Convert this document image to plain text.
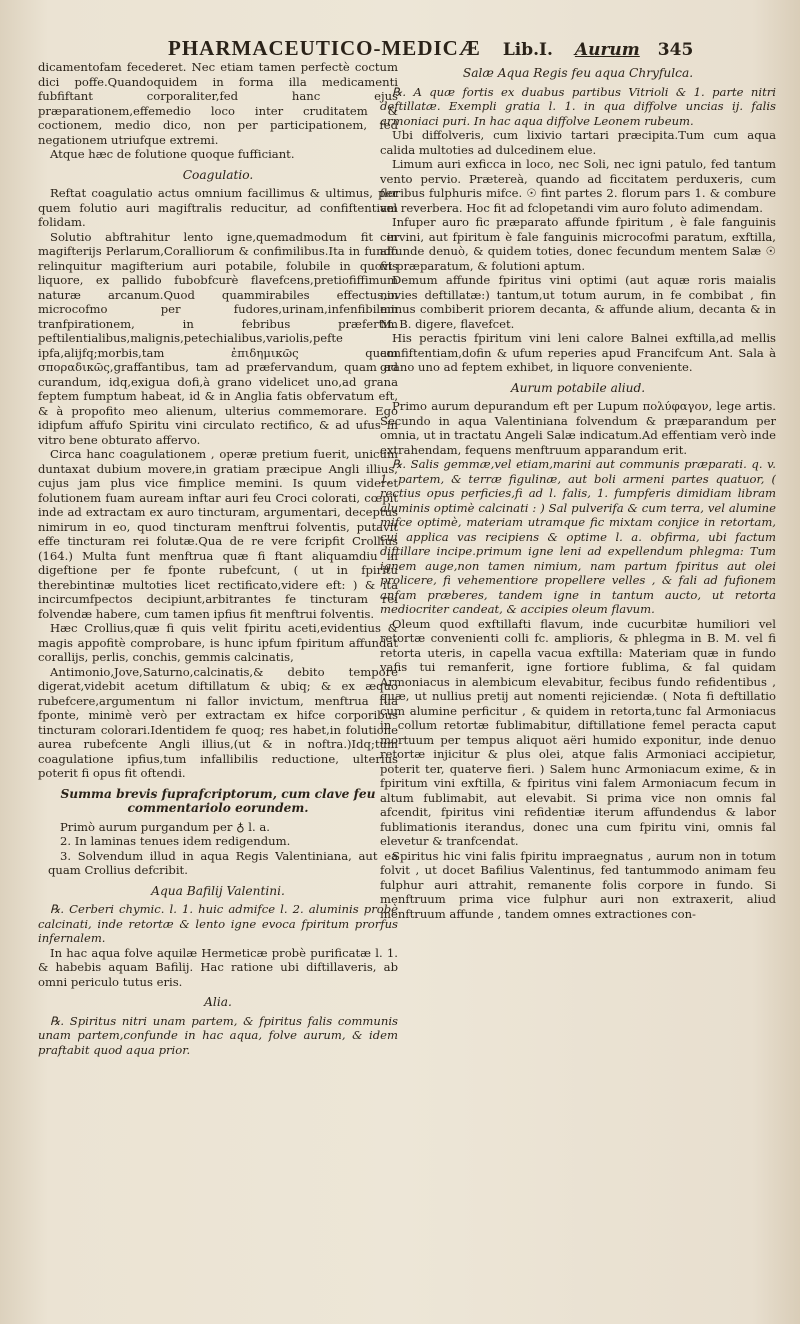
PHARMACEUTICO-MEDICÆ Lib.I. Aurum 345

dicamentofam fecederet. Nec etiam tamen perfectè coctum dici poffe.Quandoquidem in forma illa medicamenti fubfiftant corporaliter,fed hanc ejus præparationem,effemedio loco inter cruditatem & coctionem, medio dico, non per participationem, fed negationem utriufque extremi.

Atque hæc de folutione quoque fufficiant.

Coagulatio.

Reftat coagulatio actus omnium facillimus & ultimus, per quem folutio auri magiftralis reducitur, ad confiftentiam folidam.

Solutio abftrahitur lento igne,quemadmodum fit in magifterijs Perlarum,Coralliorum & confimilibus.Ita in fundo relinquitur magifterium auri potabile, folubile in quovis liquore, ex pallido fubobfcurè flavefcens,pretiofiffimum naturæ arcanum.Quod quammirabiles effectus,in microcofmo per fudores,urinam,infenfibilem tranfpirationem, in febribus præfertim peftilentialibus,malignis,petechialibus,variolis,pefte ipfa,alijfq;morbis,tam ἐπιδημικῶς quam σποραδικῶς,graffantibus, tam ad præfervandum, quam ad curandum, idq,exigua dofi,à grano videlicet uno,ad grana feptem fumptum habeat, id & in Anglia fatis obfervatum eft, & à propofito meo alienum, ulterius commemorare. Ego idipfum affufo Spiritu vini circulato rectifico, & ad ufus in vitro bene obturato affervo.

Circa hanc coagulationem , operæ pretium fuerit, unicum duntaxat dubium movere,in gratiam præcipue Angli illius, cujus jam plus vice fimplice memini. Is quum videret folutionem fuam auream inftar auri feu Croci colorati, cœpit inde ad extractam ex auro tincturam, argumentari, deceptus nimirum in eo, quod tincturam menftrui folventis, putavit effe tincturam rei folutæ.Qua de re vere fcripfit Crollius (164.) Multa funt menftrua quæ fi ftant aliquamdiu in digeftione per fe fponte rubefcunt, ( ut in fpiritu therebintinæ multoties licet rectificato,videre eft: ) & ita incircumfpectos decipiunt,arbitrantes fe tincturam rei folvendæ habere, cum tamen ipfius fit menftrui folventis.

Hæc Crollius,quæ fi quis velit fpiritu aceti,evidentius & magis appofitè comprobare, is hunc ipfum fpiritum affundat corallijs, perlis, conchis, gemmis calcinatis,

Antimonio,Jove,Saturno,calcinatis,& debito tempore digerat,videbit acetum diftillatum & ubiq; & ex æquo rubefcere,argumentum ni fallor invictum, menftrua fua fponte, minimè verò per extractam ex hifce corporibus tincturam colorari.Identidem fe quoq; res habet,in folutione aurea rubefcente Angli illius,(ut & in noftra.)Idq;tum coagulatione ipfius,tum infallibilis reductione, ulterius poterit fi opus fit oftendi.

Summa brevis fuprafcriptorum, cum clave feu commentariolo eorundem.

Primò aurum purgandum per ♁ l. a.

2. In laminas tenues idem redigendum.

3. Solvendum illud in aqua Regis Valentiniana, aut ea quam Crollius defcribit.

Aqua Bafilij Valentini.

℞. Cerberi chymic. l. 1. huic admifce l. 2. aluminis probè calcinati, inde retortæ & lento igne evoca fpiritum prorfus infernalem.

In hac aqua folve aquilæ Hermeticæ probè purificatæ l. 1. & habebis aquam Bafilij. Hac ratione ubi diftillaveris, ab omni periculo tutus eris.

Alia.

℞. Spiritus nitri unam partem, & fpiritus falis communis unam partem,confunde in hac aqua, folve aurum, & idem praftabit quod aqua prior.

Salæ Aqua Regis feu aqua Chryfulca.

℞. A quæ fortis ex duabus partibus Vitrioli & 1. parte nitri deftillatæ. Exempli gratia l. 1. in qua diffolve uncias ij. falis armoniaci puri. In hac aqua diffolve Leonem rubeum.

Ubi diffolveris, cum lixivio tartari præcipita.Tum cum aqua calida multoties ad dulcedinem elue.

Limum auri exficca in loco, nec Soli, nec igni patulo, fed tantum vento pervio. Prætereà, quando ad ficcitatem perduxeris, cum floribus fulphuris mifce. ☉ fint partes 2. florum pars 1. & combure vel reverbera. Hoc fit ad fclopetandi vim auro foluto adimendam.

Infuper auro fic præparato affunde fpiritum , è fale fanguinis cervini, aut fpiritum è fale fanguinis microcofmi paratum, exftilla, affunde denuò, & quidem toties, donec fecundum mentem Salæ ☉ fit præparatum, & folutioni aptum.

Demum affunde fpiritus vini optimi (aut aquæ roris maialis novies deftillatæ:) tantum,ut totum aurum, in fe combibat , fin minus combiberit priorem decanta, & affunde alium, decanta & in M. B. digere, flavefcet.

His peractis fpiritum vini leni calore Balnei exftilla,ad mellis confiftentiam,dofin & ufum reperies apud Francifcum Ant. Sala à grano uno ad feptem exhibet, in liquore conveniente.

Aurum potabile aliud.

Primo aurum depurandum eft per Lupum πολύφαγον, lege artis. Secundo in aqua Valentiniana folvendum & præparandum per omnia, ut in tractatu Angeli Salæ indicatum.Ad effentiam verò inde extrahendam, fequens menftruum apparandum erit.

℞. Salis gemmæ,vel etiam,marini aut communis præparati. q. v. 1. partem, & terræ figulinæ, aut boli armeni partes quatuor, ( rectius opus perficies,fi ad l. falis, 1. fumpferis dimidiam libram aluminis optimè calcinati : ) Sal pulverifa & cum terra, vel alumine mifce optimè, materiam utramque fic mixtam conjice in retortam, cui applica vas recipiens & optime l. a. obfirma, ubi factum diftillare incipe.primum igne leni ad expellendum phlegma: Tum ignem auge,non tamen nimium, nam partum fpiritus aut olei prolicere, fi vehementiore propellere velles , & fali ad fufionem anfam præberes, tandem igne in tantum aucto, ut retorta mediocriter candeat, & accipies oleum flavum.

Oleum quod exftillafti flavum, inde cucurbitæ humiliori vel retortæ convenienti colli fc. amplioris, & phlegma in B. M. vel fi retorta uteris, in capella vacua exftilla: Materiam quæ in fundo vafis tui remanferit, igne fortiore fublima, & fal quidam Armoniacus in alembicum elevabitur, fecibus fundo refidentibus , quæ, ut nullius pretij aut nomenti rejiciendæ. ( Nota fi deftillatio cum alumine perficitur , & quidem in retorta,tunc fal Armoniacus in collum retortæ fublimabitur, diftillatione femel peracta caput mortuum per tempus aliquot aëri humido exponitur, inde denuo retortæ injicitur & plus olei, atque falis Armoniaci accipietur, poterit ter, quaterve fieri. ) Salem hunc Armoniacum exime, & in fpiritum vini exftilla, & fpiritus vini falem Armoniacum fecum in altum fublimabit, aut elevabit. Si prima vice non omnis fal afcendit, fpiritus vini refidentiæ iterum affundendus & labor fublimationis iterandus, donec una cum fpiritu vini, omnis fal elevetur & tranfcendat.

Spiritus hic vini falis fpiritu impraegnatus , aurum non in totum folvit , ut docet Bafilius Valentinus, fed tantummodo animam feu fulphur auri attrahit, remanente folis corpore in fundo. Si menftruum prima vice fulphur auri non extraxerit, aliud menftruum affunde , tandem omnes extractiones con-
